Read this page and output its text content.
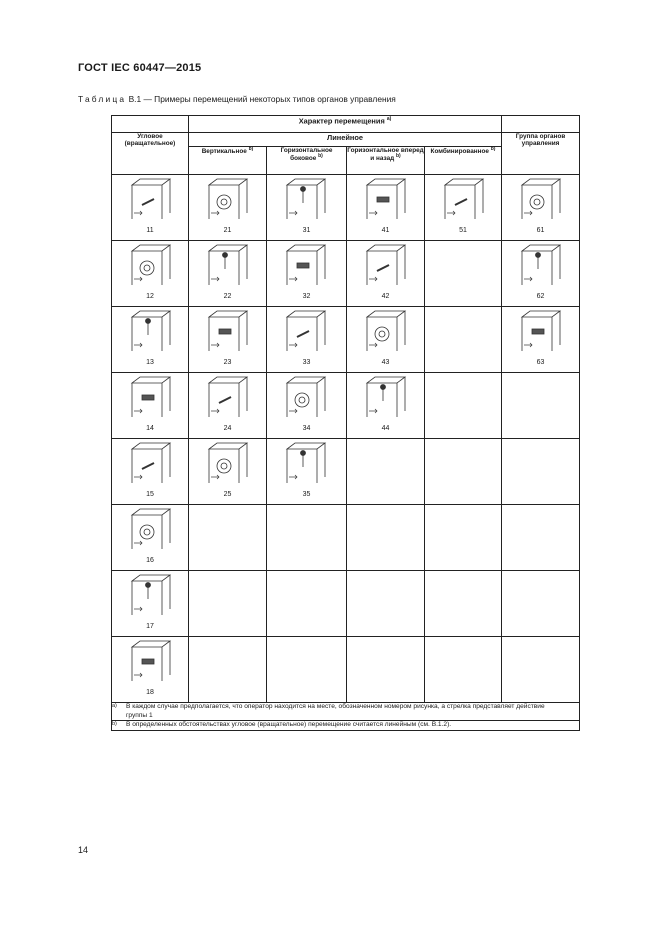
ГОСТ IEC 60447—2015
Таблица В.1 — Примеры перемещений некоторых типов органов управления
	Характер перемещения $^{a)}$	
Угловое (вращательное)	Линейное				Группа органов управления
	Вертикальное $^{b)}$	Горизонтальное боковое $^{b)}$	Горизонтальное вперед и назад $^{b)}$	Комбинированное $^{b)}$

11	21	31	41	51	61

12	22	32	42		62

13	23	33	43		63

14	24	34	44		

15	25	35			

16					

17					

18					

a) В каждом случае предполагается, что оператор находится на месте, обозначенном номером рисунка, а стрелка представляет действие группы 1					
b) В определенных обстоятельствах угловое (вращательное) перемещение считается линейным (см. В.1.2).					
14
